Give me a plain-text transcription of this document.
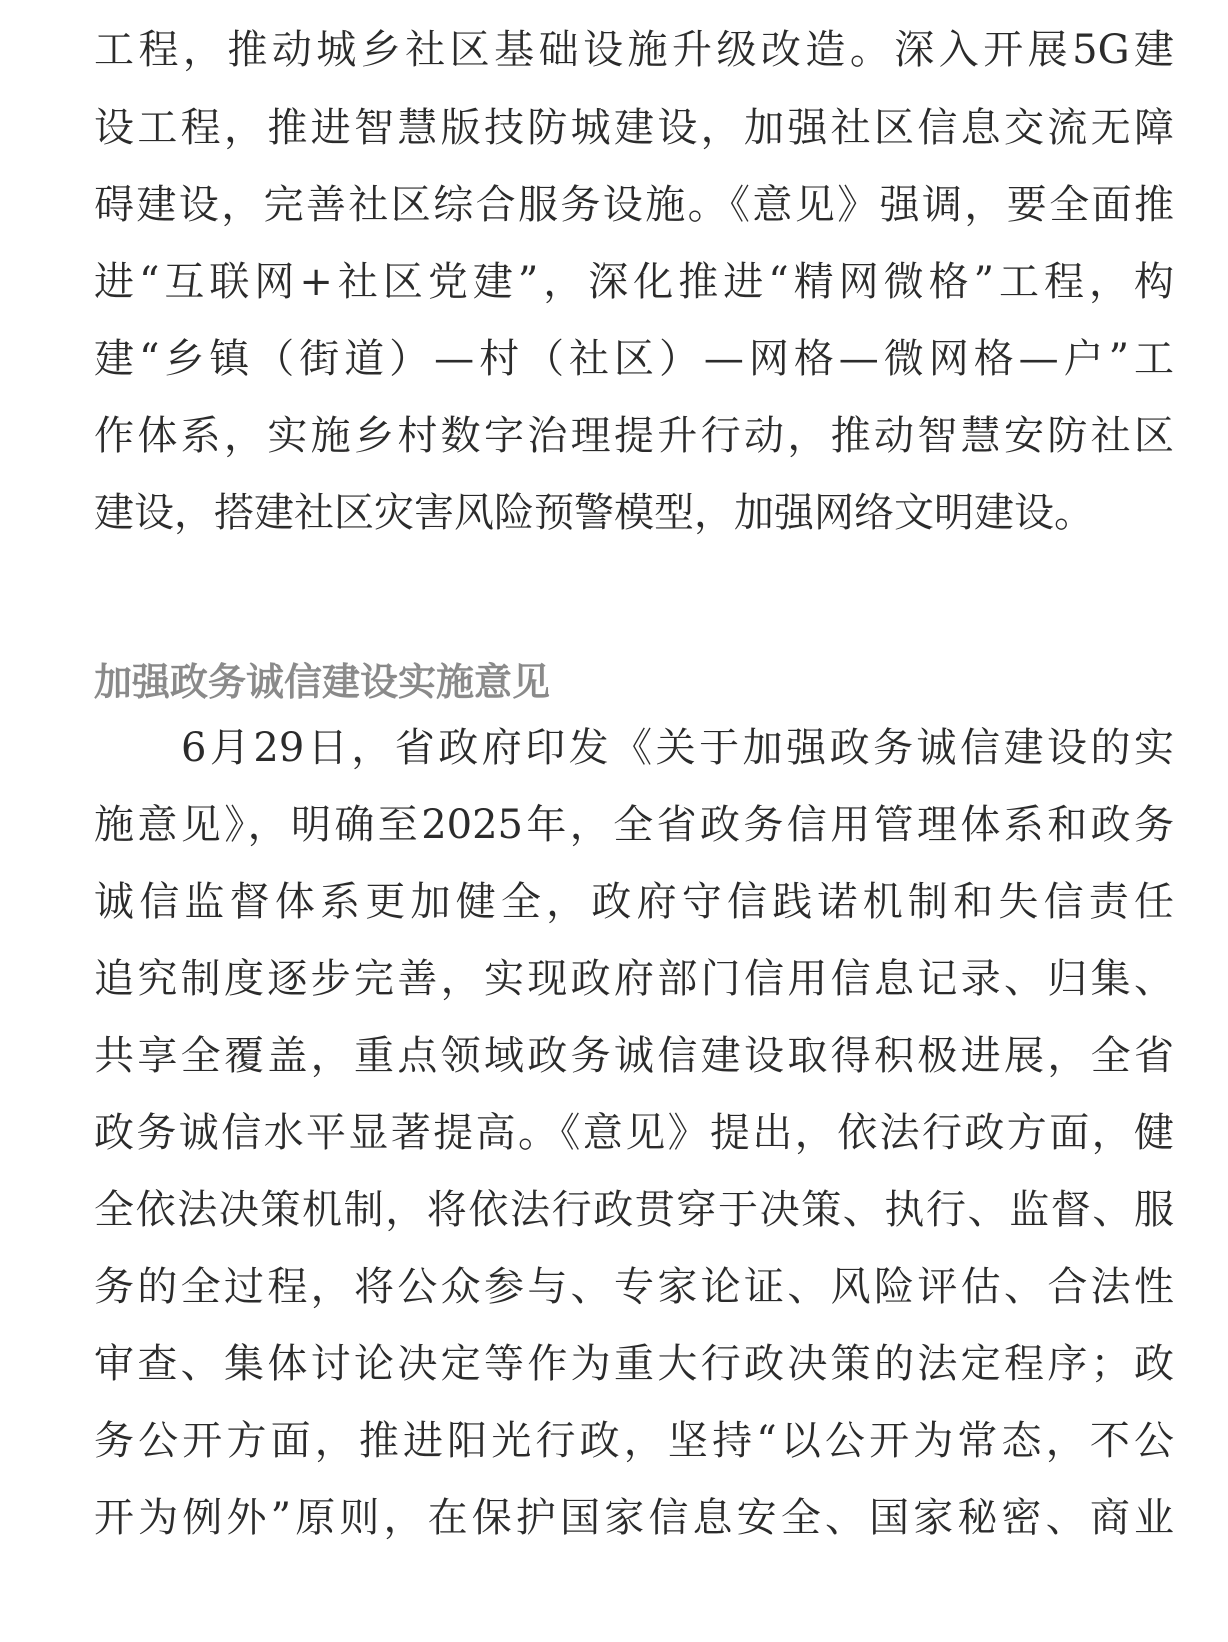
工程，推动城乡社区基础设施升级改造。深入开展5G建
设工程，推进智慧版技防城建设，加强社区信息交流无障
碍建设，完善社区综合服务设施。《意见》强调，要全面推
进“互联网+社区党建”，深化推进“精网微格”工程，构
建“乡镇（街道）—村（社区）—网格—微网格—户”工
作体系，实施乡村数字治理提升行动，推动智慧安防社区
建设，搭建社区灾害风险预警模型，加强网络文明建设。
加强政务诚信建设实施意见
　　6月29日，省政府印发《关于加强政务诚信建设的实
施意见》，明确至2025年，全省政务信用管理体系和政务
诚信监督体系更加健全，政府守信践诺机制和失信责任
追究制度逐步完善，实现政府部门信用信息记录、归集、
共享全覆盖，重点领域政务诚信建设取得积极进展，全省
政务诚信水平显著提高。《意见》提出，依法行政方面，健
全依法决策机制，将依法行政贯穿于决策、执行、监督、服
务的全过程，将公众参与、专家论证、风险评估、合法性
审查、集体讨论决定等作为重大行政决策的法定程序；政
务公开方面，推进阳光行政，坚持“以公开为常态，不公
开为例外”原则，在保护国家信息安全、国家秘密、商业
